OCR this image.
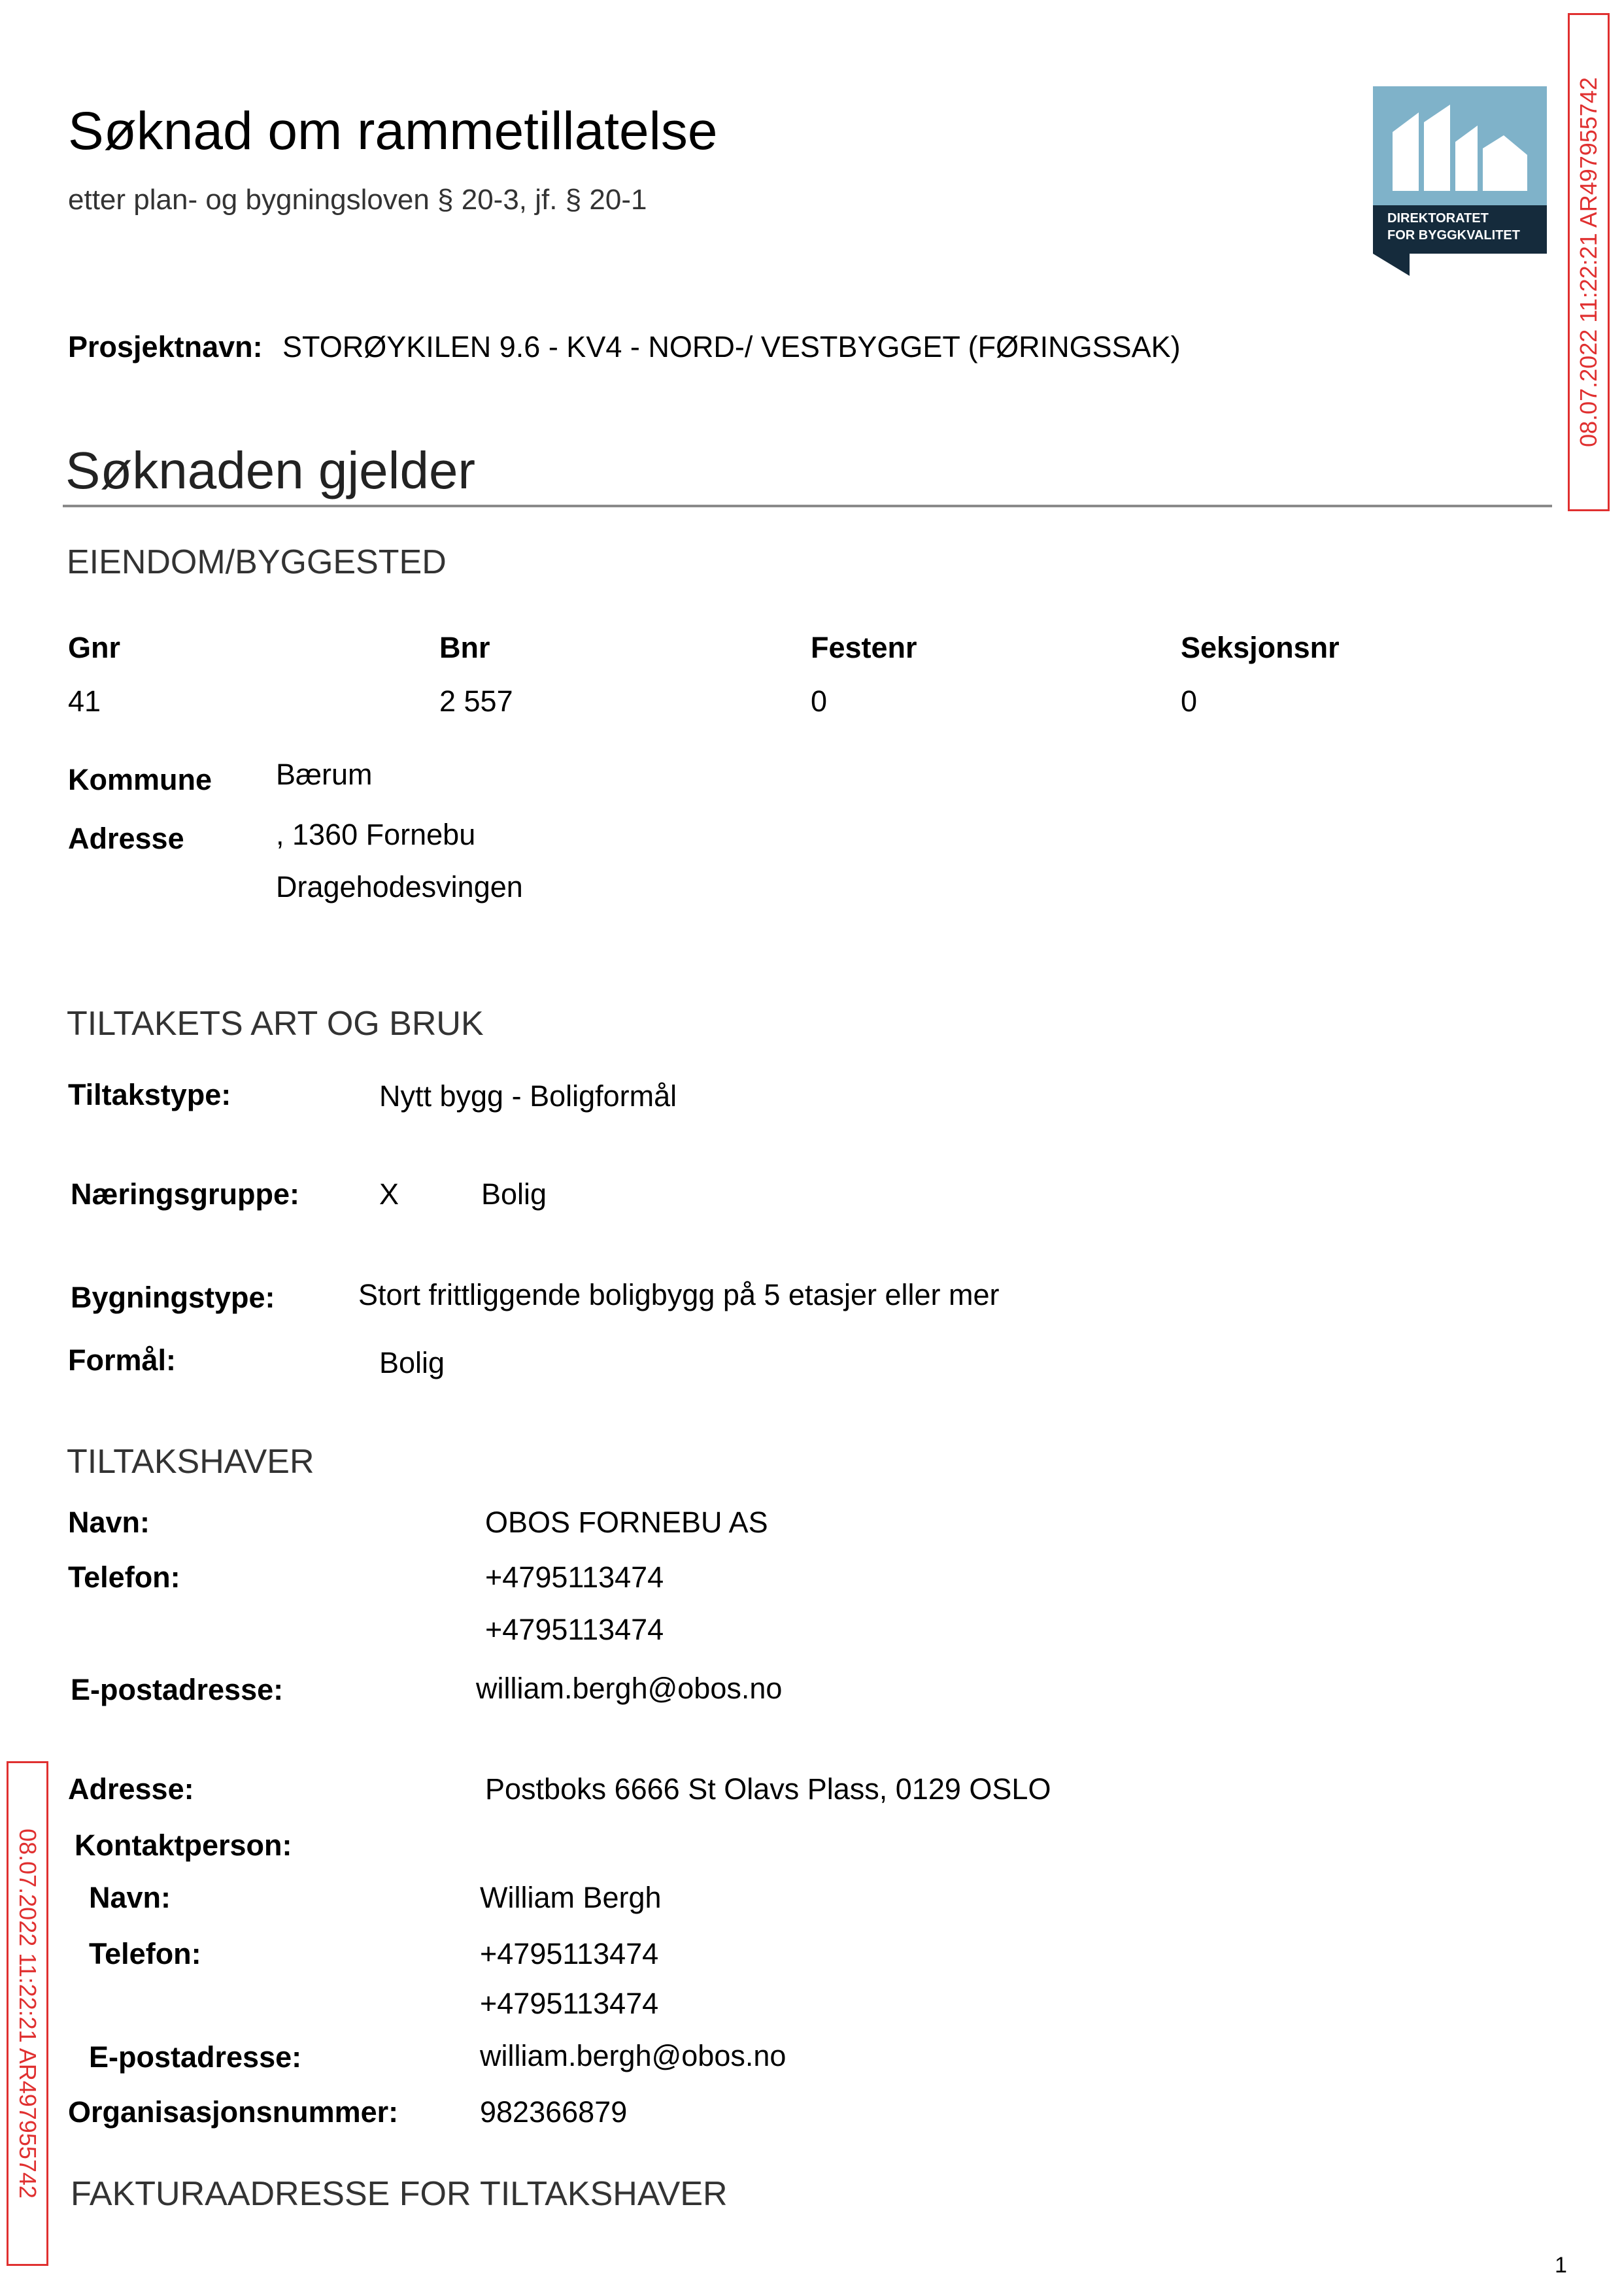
Søknad om rammetillatelse
etter plan- og bygningsloven § 20-3, jf. § 20-1
DIREKTORATET
FOR BYGGKVALITET
Prosjektnavn: STORØYKILEN 9.6 - KV4 - NORD-/ VESTBYGGET (FØRINGSSAK)
Søknaden gjelder
EIENDOM/BYGGESTED
Gnr	Bnr	Festenr	Seksjonsnr
41	2 557	0	0
Kommune Bærum
Adresse	, 1360 Fornebu
Dragehodesvingen
TILTAKETS ART OG BRUK
Tiltakstype:	Nytt bygg - Boligformål
Næringsgruppe:	X	Bolig
Bygningstype:	Stort frittliggende boligbygg på 5 etasjer eller mer
Formål:	Bolig
TILTAKSHAVER
Navn:	OBOS FORNEBU AS
Telefon:	+4795113474
+4795113474
E-postadresse:	william.bergh@obos.no
Adresse:	Postboks 6666 St Olavs Plass, 0129 OSLO
Kontaktperson:
Navn:	William Bergh
Telefon:	+4795113474
+4795113474
E-postadresse:	william.bergh@obos.no
Organisasjonsnummer:	982366879
FAKTURAADRESSE FOR TILTAKSHAVER
1
08.07.2022 11:22:21 AR497955742
08.07.2022 11:22:21 AR497955742
